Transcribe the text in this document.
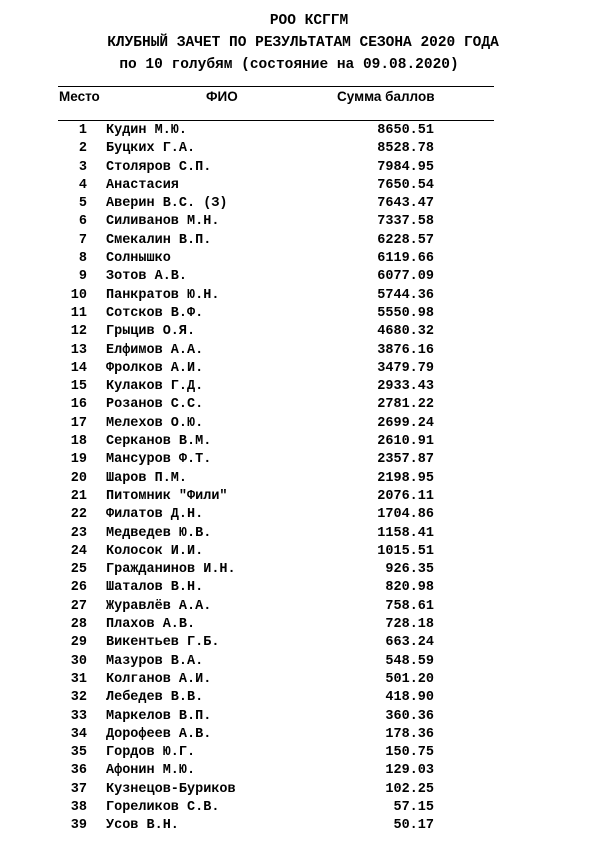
РОО КСГГМ
КЛУБНЫЙ ЗАЧЕТ ПО РЕЗУЛЬТАТАМ СЕЗОНА 2020 ГОДА
по 10 голубям (состояние на 09.08.2020)
Место	ФИО	Сумма баллов
1 Кудин М.Ю.	8650.51
2 Буцких Г.А.	8528.78
3 Столяров С.П.	7984.95
4 Анастасия	7650.54
5 Аверин В.С. (З)	7643.47
6 Силиванов М.Н.	7337.58
7 Смекалин В.П.	6228.57
8 Солнышко	6119.66
9 Зотов А.В.	6077.09
10 Панкратов Ю.Н.	5744.36
11 Сотсков В.Ф.	5550.98
12 Грыцив О.Я.	4680.32
13 Елфимов А.А.	3876.16
14 Фролков А.И.	3479.79
15 Кулаков Г.Д.	2933.43
16 Розанов С.С.	2781.22
17 Мелехов О.Ю.	2699.24
18 Серканов В.М.	2610.91
19 Мансуров Ф.Т.	2357.87
20 Шаров П.М.	2198.95
21 Питомник "Фили"	2076.11
22 Филатов Д.Н.	1704.86
23 Медведев Ю.В.	1158.41
24 Колосок И.И.	1015.51
25 Гражданинов И.Н.	926.35
26 Шаталов В.Н.	820.98
27 Журавлёв А.А.	758.61
28 Плахов А.В.	728.18
29 Викентьев Г.Б.	663.24
30 Мазуров В.А.	548.59
31 Колганов А.И.	501.20
32 Лебедев В.В.	418.90
33 Маркелов В.П.	360.36
34 Дорофеев А.В.	178.36
35 Гордов Ю.Г.	150.75
36 Афонин М.Ю.	129.03
37 Кузнецов-Буриков	102.25
38 Гореликов С.В.	57.15
39 Усов В.Н.	50.17
